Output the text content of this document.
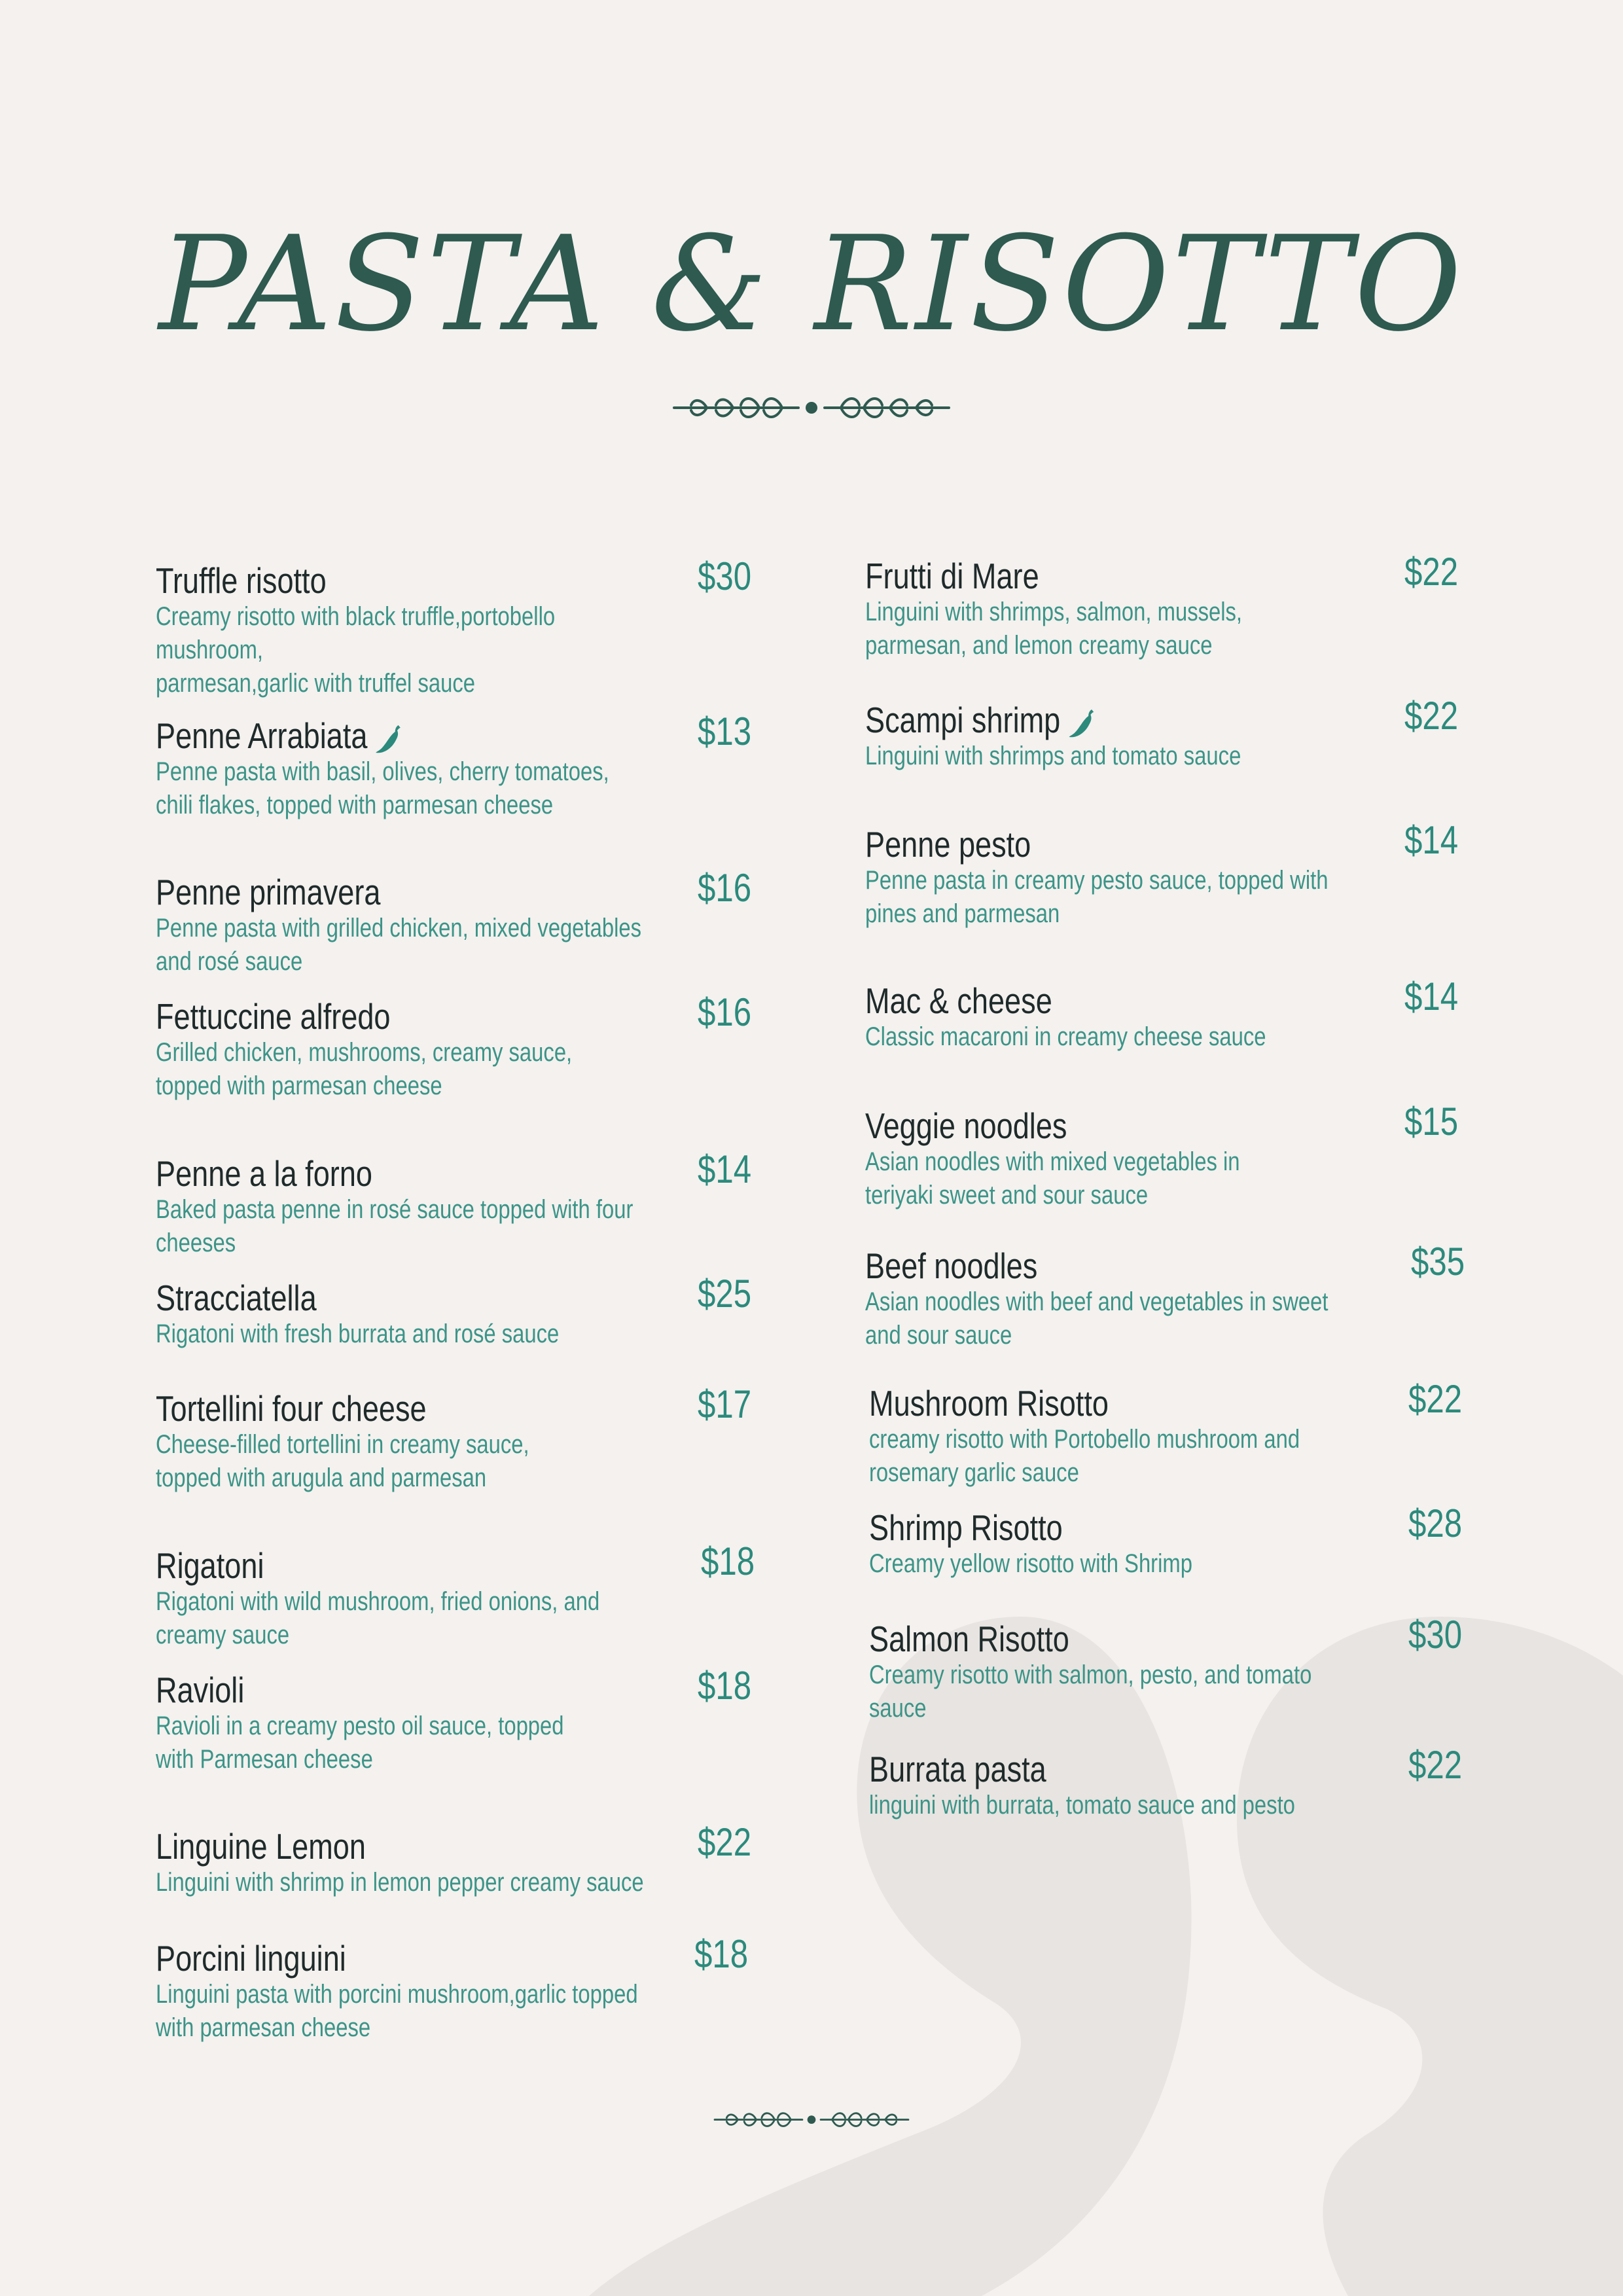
PASTA & RISOTTO
Truffle risotto	$30
Creamy risotto with black truffle,portobello mushroom,
parmesan,garlic with truffel sauce
Penne Arrabiata	$13
Penne pasta with basil, olives, cherry tomatoes,
chili flakes, topped with parmesan cheese
Penne primavera	$16
Penne pasta with grilled chicken, mixed vegetables and rosé sauce
Fettuccine alfredo	$16
Grilled chicken, mushrooms, creamy sauce,
topped with parmesan cheese
Penne a la forno	$14
Baked pasta penne in rosé sauce topped with four cheeses
Stracciatella	$25
Rigatoni with fresh burrata and rosé sauce
Tortellini four cheese	$17
Cheese-filled tortellini in creamy sauce,
topped with arugula and parmesan
Rigatoni	$18
Rigatoni with wild mushroom, fried onions, and creamy sauce
Ravioli	$18
Ravioli in a creamy pesto oil sauce, topped
with Parmesan cheese
Linguine Lemon	$22
Linguini with shrimp in lemon pepper creamy sauce
Porcini linguini	$18
Linguini pasta with porcini mushroom,garlic topped
with parmesan cheese
Frutti di Mare	$22
Linguini with shrimps, salmon, mussels,
parmesan, and lemon creamy sauce
Scampi shrimp	$22
Linguini with shrimps and tomato sauce
Penne pesto	$14
Penne pasta in creamy pesto sauce, topped with
pines and parmesan
Mac & cheese	$14
Classic macaroni in creamy cheese sauce
Veggie noodles	$15
Asian noodles with mixed vegetables in
teriyaki sweet and sour sauce
Beef noodles	$35
Asian noodles with beef and vegetables in sweet and sour sauce
Mushroom Risotto	$22
creamy risotto with Portobello mushroom and
rosemary garlic sauce
Shrimp Risotto	$28
Creamy yellow risotto with Shrimp
Salmon Risotto	$30
Creamy risotto with salmon, pesto, and tomato sauce
Burrata pasta	$22
linguini with burrata, tomato sauce and pesto
